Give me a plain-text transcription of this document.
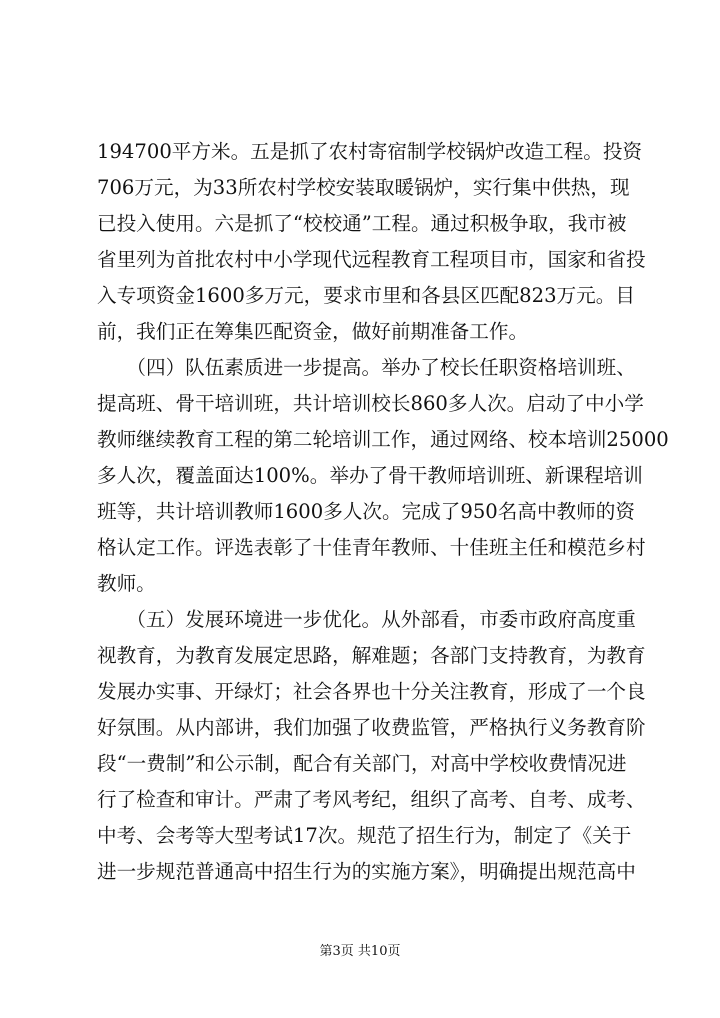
194700平方米。五是抓了农村寄宿制学校锅炉改造工程。投资
706万元，为33所农村学校安装取暖锅炉，实行集中供热，现
已投入使用。六是抓了“校校通”工程。通过积极争取，我市被
省里列为首批农村中小学现代远程教育工程项目市，国家和省投
入专项资金1600多万元，要求市里和各县区匹配823万元。目
前，我们正在筹集匹配资金，做好前期准备工作。
　　（四）队伍素质进一步提高。举办了校长任职资格培训班、
提高班、骨干培训班，共计培训校长860多人次。启动了中小学
教师继续教育工程的第二轮培训工作，通过网络、校本培训25000
多人次，覆盖面达100%。举办了骨干教师培训班、新课程培训
班等，共计培训教师1600多人次。完成了950名高中教师的资
格认定工作。评选表彰了十佳青年教师、十佳班主任和模范乡村
教师。
　　（五）发展环境进一步优化。从外部看，市委市政府高度重
视教育，为教育发展定思路，解难题；各部门支持教育，为教育
发展办实事、开绿灯；社会各界也十分关注教育，形成了一个良
好氛围。从内部讲，我们加强了收费监管，严格执行义务教育阶
段“一费制”和公示制，配合有关部门，对高中学校收费情况进
行了检查和审计。严肃了考风考纪，组织了高考、自考、成考、
中考、会考等大型考试17次。规范了招生行为，制定了《关于
进一步规范普通高中招生行为的实施方案》，明确提出规范高中
第3页 共10页
